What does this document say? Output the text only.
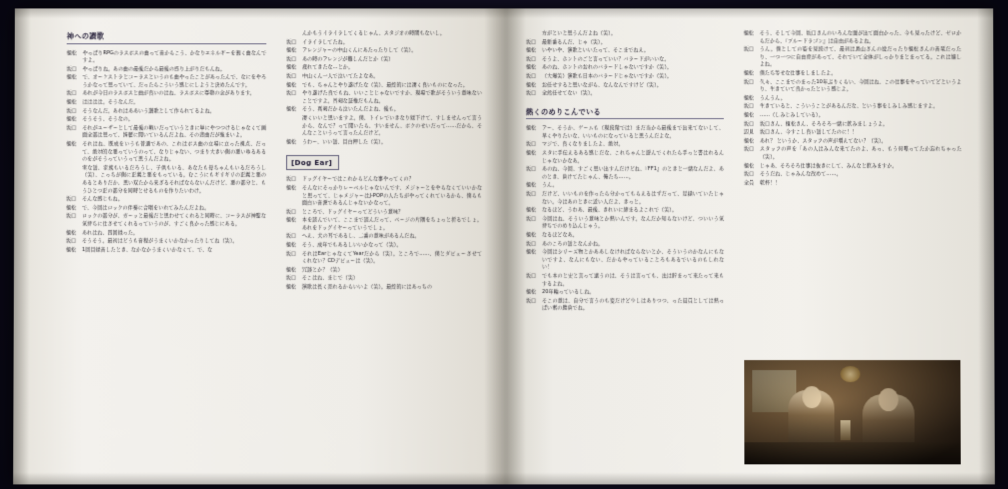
神への讃歌
植松	やっぱりRPGのラスボスの曲って音からこう、かなりエネルギーを割く曲なんですよ。
坂口	やっぱりね。あの曲の最後だから最後の盛り上がりだもんね。
植松	で、オーケストラとコーラスというのも曲やったことがあったんで、なにをやろうかなって思っていて、だったらこういう感じにしようと決めたんです。
坂口	あれが今日のラスボスと曲が良いのはね、ラスボスに尊敬の念があります。
植松	はははは。そうなんだ。
坂口	そうなんだ。あれはああいう讃歌として作られてるよね。
植松	そうそう、そうなの。
坂口	それがユーザーとして最後の戦いだっていうときに単にやつつけるじゃなくて画面全部は思って、綺麗に聞いているんだよね、その悲曲だが強まいよ。
植松	それはね、既成をいうも普通であの、これはボス曲の立場に立った視点、だって、絶対的な悪っていうのって、なりじゃない、つまり大きい側の悪いゆるあるのをがそうっていうって思うんだよね。
実な話、家族もいるだろうし、子供もいる、あなたも母ちゃんもいるだろうし（笑）、こっちが側に正義と悪をもっている。むこうにもギリギリの正義と悪のあるとありだか、思い双たから来ざるそればならないんだけど、悪の部分と、もうひとつ正の部分を同時とせるものを作りたいわけ。
坂口	そんな感じもね。
植松	で、今回はロックの伴奏に合唱をいれてみたんだよね。
坂口	ロックの部分が、ガーッと最後だと思わせてくれると同時に、コーラスが神聖な気持ちに仕させてくれるっていうのが、すごく良かった感じにある。
植松	あれはね、四回録った。
坂口	そうそう。最初はどうも音程がうまくいかなかったりしてね（笑）。
植松	1回目録音したとき、なかなかうまくいかなくて、で、な
んかもうイライラしてくるじゃん、スタジオの時間もないし。
坂口	イライラしてたね。
植松	アレンジャーの中山くんにあたったりして（笑）。
坂口	あの時のアレンジが難しんだとか（笑）
植松	疲れてきたな…とか。
坂口	中山くん一人で泣いてたよなあ。
植松	でも、ちゃんとやり遂げたな（笑）、最終的には凄く良いものになった。
坂口	やり遂げた良でもね、いいことじゃないですか、現場で歌がそういう意味ないことですよ。具剣な証椎だもんね。
植松	そう、真剣だから泣いたんだよね、後も。
凄くいいと思いますよ。僕、トイレでいきなり録下けて、すしませんって言うから、なんで？って聞いたら、すいません、ボクのせいだって……だから、そんなこというって言ったんだけど。
植松	うわー、いい話、目白押した（笑）。
[Dog Ear]
坂口	ドッグイヤーではこれからどんな事やってくの？
植松	そんなにそっかりレーベルじゃないんです、メジャーとをやらなくていいかなと思ってて、じゃメジャーはJ-POPの人たちがやってくれているから、僕らも面白い音源であるんじゃないかなって。
坂口	ところで、ドッグイヤーってどういう意味？
植松	本を読んでいて、ここまで読んだって、ページの片隅をちょっと折るでしょ。あれをドッグイヤーっていうでしょ。
坂口	へえ、犬の耳であるし、二番の意味があるんだね。
植松	そう、成年でもあるしいいかなって（笑）。
坂口	それはEarじゃなくてYearだから（笑）。ところで……、僕とダビューさせてくれない？CDデビューは（笑）。
植松	冗談とか？（笑）
坂口	そこはね、まじで（笑）
植松	演歌は長く売れるからいいよ（笑）。最終的にはあっちの
方がといと思うんだよね（笑）。
坂口	最新番るんだ、じゃ（笑）。
植松	いやいや、演歌といいたって、そこまでねえ。
坂口	そうよ、ホントのごと言っていい？バラードがいいな。
植松	あのね、ホントのおれのバラードしゃないですか（笑）。
坂口	（大爆笑）演歌も日本のバラードじゃないですか（笑）。
植松	お任せすると思いながら、なんなんですけど（笑）。
坂口	全然任せてない（笑）。
熱くのめりこんでいる
植松	アー、そうか、ゲームも（現段階では）まだ当から最後まで出来てないして、早くやりたいな、いいものになっていると思うんだよな。
坂口	マジで、良くなりましたよ、絶対。
植松	スタに手伝えるある感じだな、これちゃんと遊んでくれたら手っと書はれるんじゃないかなあ。
坂口	あのね、今回、すごく思い出すんだけどね、『FF1』のときと一緒なんだよ、あのとき、負けてたじゃん、俺たち……。
植松	うん。
坂口	だけど、いいものを作ったら分かってもらえるはずだって、足掻いていたじゃない。今はあのときに近い人だよ、きっと。
植松	なるほど、うわあ、最後、きれいに締まるよこれで（笑）。
坂口	今回はね、そういう意味とか熱いんです。なんだか知らないけど、ついいう気持ちでのめり込んじゃう。
植松	なるほどなあ。
坂口	あのころの話となんかね。
植松	今回はシリーズ物とかああしなければならないとか、そういうのかなんにもないですよ、なんにもない、だからやっていることろもあるでいるのもしれない！
坂口	でも本のと史と言って遠うのは、そうは言っても、法は貯まって来たって来もするよね。
植松	20年輪っているしね。
坂口	そこの意は、自分で言うのも変だけど少しはありつつ、った貫員としては熱っぱい素の勝負でね。
植松	そう、そして今回、坂口さんのいろんな面が出て面白かった、今も見ったけど、ゼロからだから、『ブルードラゴン』は自由があるよね。
坂口	うん。僕としての姿を見続けて、最初は鳥山さんの絵だったり植松さんの音楽だったり、一つ一つに自由度があって、それでいて全体がしっかりまとまってる。これは嬉しよね。
植松	僕たち等せな仕事をしましたよ。
坂口	久々、ここまでのまった10年ぶりくらい、今回はね、この仕事をやっていてどというより、生きていて良かったという感じよ。
植松	うんうん。
坂口	生きていると、こういうことがあるんだな、という事をしみしみ感じますよ。
植松	……（しみじみしている）。
坂口	坂口さん、植松さん、そろそろ一緒に飲みましょうよ。
辺見	坂口さん、今すこし良い話してたのに！！
植松	あれ？ というか、スタッフの声が増えてない？（笑）。
坂口	スタッフの声を「あの人はみんな来てたのよ、あっ、もう何喋ってたか忘れちゃった（笑）。
植松	じゃあ、そろそろ仕事は抜きにして、みんなと飲みますか。
坂口	そうだね、じゃみんな改めて……。
全員	乾杯！！
